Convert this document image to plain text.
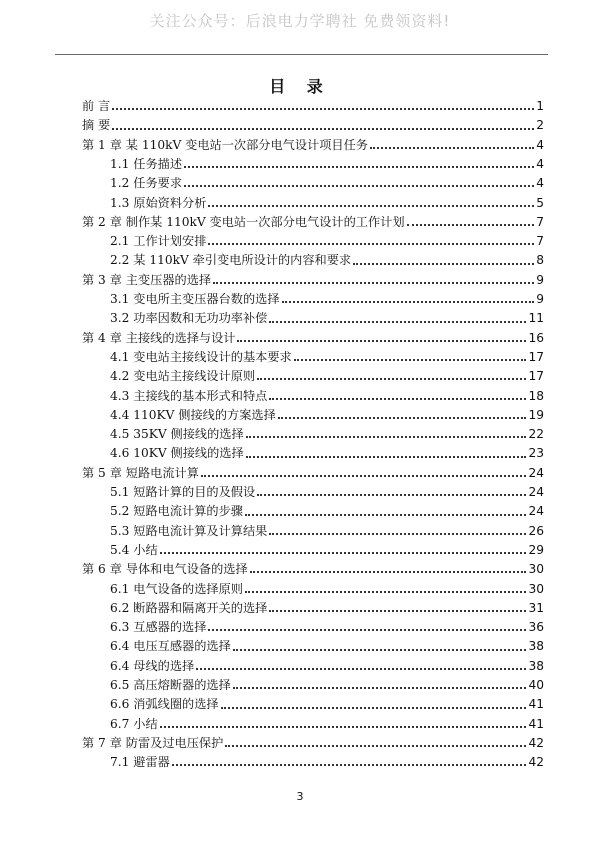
关注公众号：后浪电力学聘社 免费领资料!
目 录
前 言	1
摘 要	2
第 1 章 某 110kV 变电站一次部分电气设计项目任务	4
1.1 任务描述	4
1.2 任务要求	4
1.3 原始资料分析	5
第 2 章 制作某 110kV 变电站一次部分电气设计的工作计划	7
2.1 工作计划安排	7
2.2 某 110kV 牵引变电所设计的内容和要求	8
第 3 章 主变压器的选择	9
3.1 变电所主变压器台数的选择	9
3.2 功率因数和无功功率补偿	11
第 4 章 主接线的选择与设计	16
4.1 变电站主接线设计的基本要求	17
4.2 变电站主接线设计原则	17
4.3 主接线的基本形式和特点	18
4.4 110KV 侧接线的方案选择	19
4.5 35KV 侧接线的选择	22
4.6 10KV 侧接线的选择	23
第 5 章 短路电流计算	24
5.1 短路计算的目的及假设	24
5.2 短路电流计算的步骤	24
5.3 短路电流计算及计算结果	26
5.4 小结	29
第 6 章 导体和电气设备的选择	30
6.1 电气设备的选择原则	30
6.2 断路器和隔离开关的选择	31
6.3 互感器的选择	36
6.4 电压互感器的选择	38
6.4 母线的选择	38
6.5 高压熔断器的选择	40
6.6 消弧线圈的选择	41
6.7 小结	41
第 7 章 防雷及过电压保护	42
7.1 避雷器	42
3
